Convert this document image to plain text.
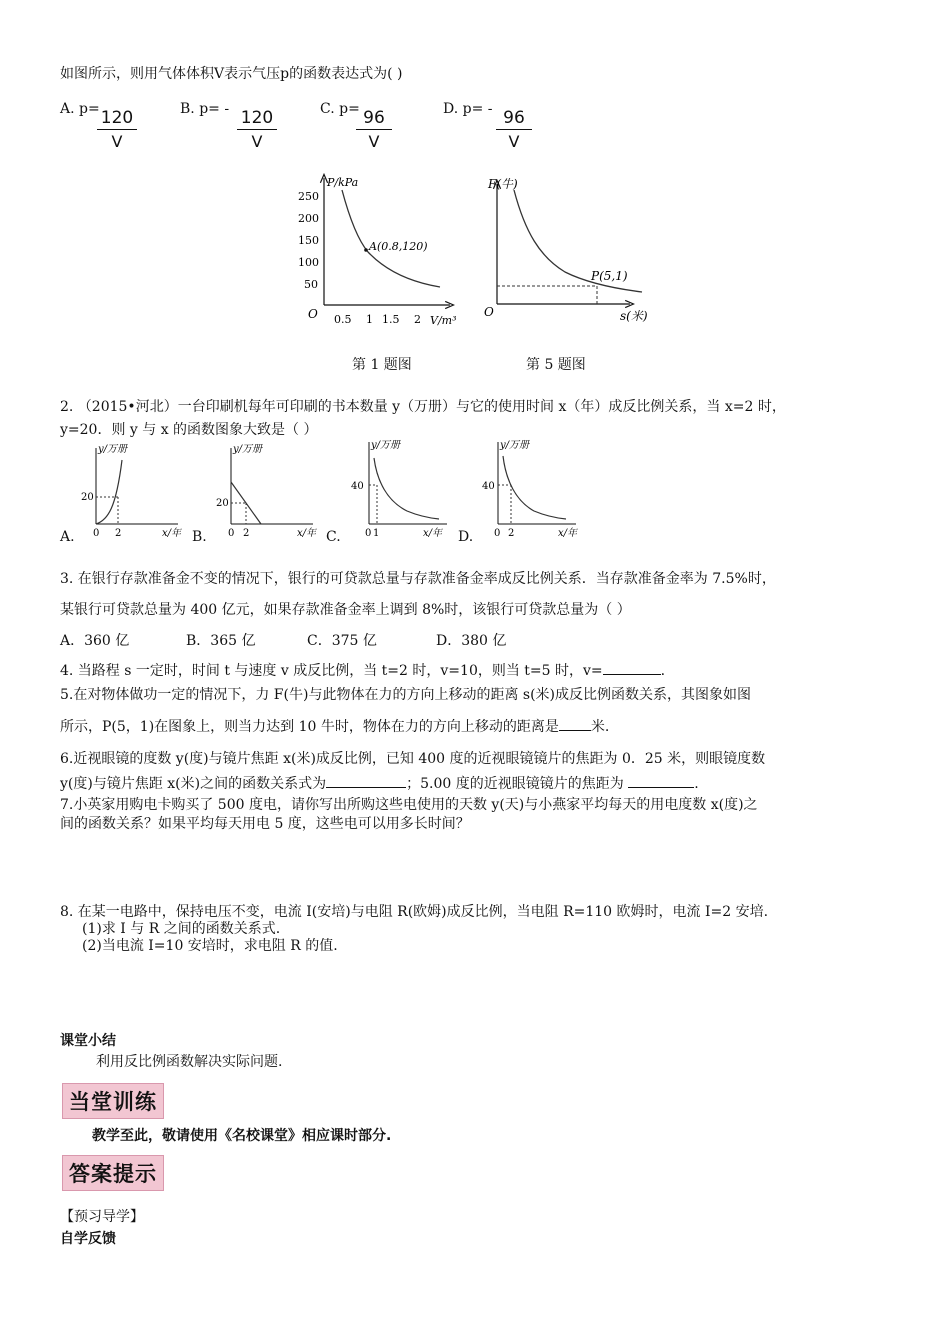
如图所示，则用气体体积V表示气压p的函数表达式为( )
A. p=
$\frac{120}{V}$	B. $p= - \frac{120}{V}$	C. p=
$\frac{96}{V}$	D. $p= - \frac{96}{V}$
P/kPa
V/m³
O
250
200
150
100
50
0.5 1 1.5 2
A(0.8,120)
第 1 题图
F(牛)
s(米)
O
P(5,1)
第 5 题图
2. （2015•河北）一台印刷机每年可印刷的书本数量 y（万册）与它的使用时间 x（年）成反比例关系，当 x=2 时，
y=20．则 y 与 x 的函数图象大致是（ ）
A.
y/万册
x/年
20
0 2	B.
y/万册
x/年
20
0 2	C.
y/万册
x/年
40
0 1	D.
y/万册
x/年
40
0 2
3. 在银行存款准备金不变的情况下，银行的可贷款总量与存款准备金率成反比例关系．当存款准备金率为 7.5%时，
某银行可贷款总量为 400 亿元，如果存款准备金率上调到 8%时，该银行可贷款总量为（ ）
A．360 亿	B．365 亿	C．375 亿	D．380 亿
4. 当路程 s 一定时，时间 t 与速度 v 成反比例，当 t=2 时，v=10，则当 t=5 时，v=	.
5.在对物体做功一定的情况下，力 F(牛)与此物体在力的方向上移动的距离 s(米)成反比例函数关系，其图象如图
所示，P(5，1)在图象上，则当力达到 10 牛时，物体在力的方向上移动的距离是 米.
6.近视眼镜的度数 y(度)与镜片焦距 x(米)成反比例，已知 400 度的近视眼镜镜片的焦距为 0．25 米，则眼镜度数
y(度)与镜片焦距 x(米)之间的函数关系式为	；5.00 度的近视眼镜镜片的焦距为	.
7.小英家用购电卡购买了 500 度电，请你写出所购这些电使用的天数 y(天)与小燕家平均每天的用电度数 x(度)之
间的函数关系？如果平均每天用电 5 度，这些电可以用多长时间？
8. 在某一电路中，保持电压不变，电流 I(安培)与电阻 R(欧姆)成反比例，当电阻 R=110 欧姆时，电流 I=2 安培.
(1)求 I 与 R 之间的函数关系式.
(2)当电流 I=10 安培时，求电阻 R 的值.
课堂小结
利用反比例函数解决实际问题.
当堂训练
教学至此，敬请使用《名校课堂》相应课时部分.
答案提示
【预习导学】
自学反馈
